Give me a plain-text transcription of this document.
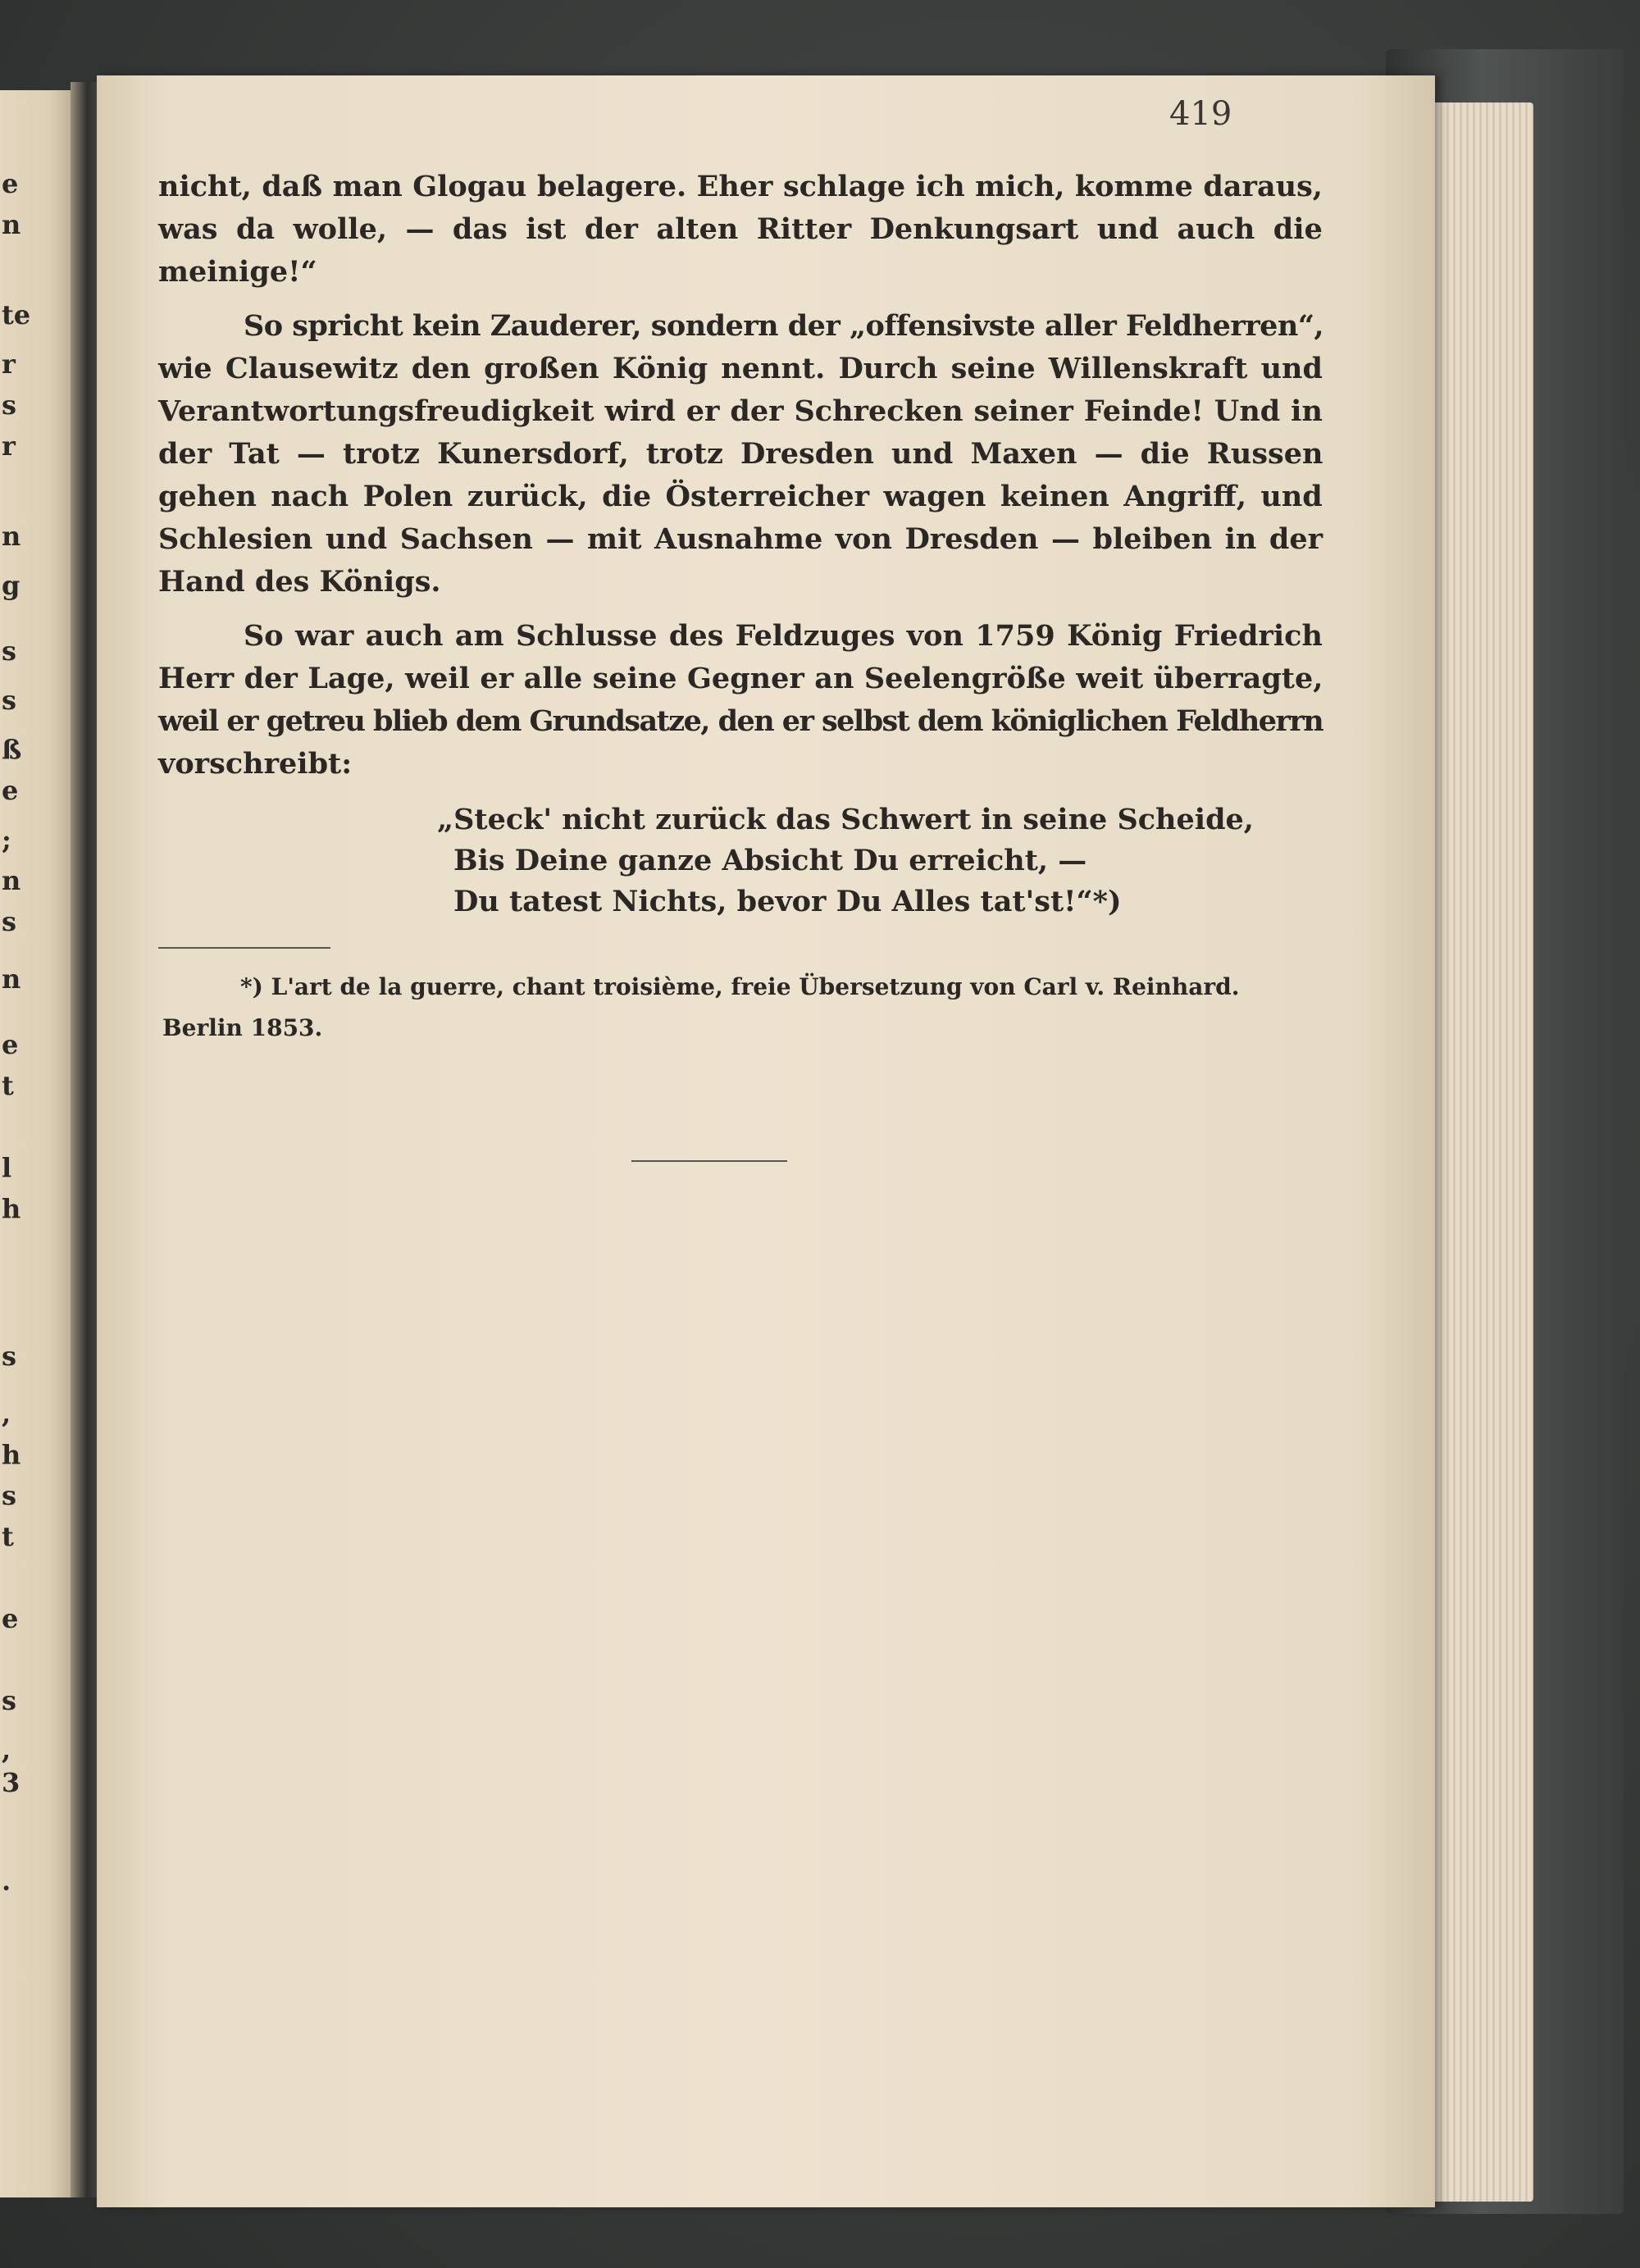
e
n
te
r
s
r
n
g
s
s
ß
e
;
n
s
n
e
t
l
h
s
,
h
s
t
e
s
,
3
.
419
nicht, daß man Glogau belagere. Eher schlage ich mich, komme daraus,
was da wolle, — das ist der alten Ritter Denkungsart und auch die
meinige!“
So spricht kein Zauderer, sondern der „offensivste aller Feldherren“,
wie Clausewitz den großen König nennt. Durch seine Willenskraft und
Verantwortungsfreudigkeit wird er der Schrecken seiner Feinde! Und in
der Tat — trotz Kunersdorf, trotz Dresden und Maxen — die Russen
gehen nach Polen zurück, die Österreicher wagen keinen Angriff, und
Schlesien und Sachsen — mit Ausnahme von Dresden — bleiben in der
Hand des Königs.
So war auch am Schlusse des Feldzuges von 1759 König Friedrich
Herr der Lage, weil er alle seine Gegner an Seelengröße weit überragte,
weil er getreu blieb dem Grundsatze, den er selbst dem königlichen Feldherrn
vorschreibt:
„Steck' nicht zurück das Schwert in seine Scheide,
Bis Deine ganze Absicht Du erreicht, —
Du tatest Nichts, bevor Du Alles tat'st!“*)
*) L'art de la guerre, chant troisième, freie Übersetzung von Carl v. Reinhard.
Berlin 1853.
